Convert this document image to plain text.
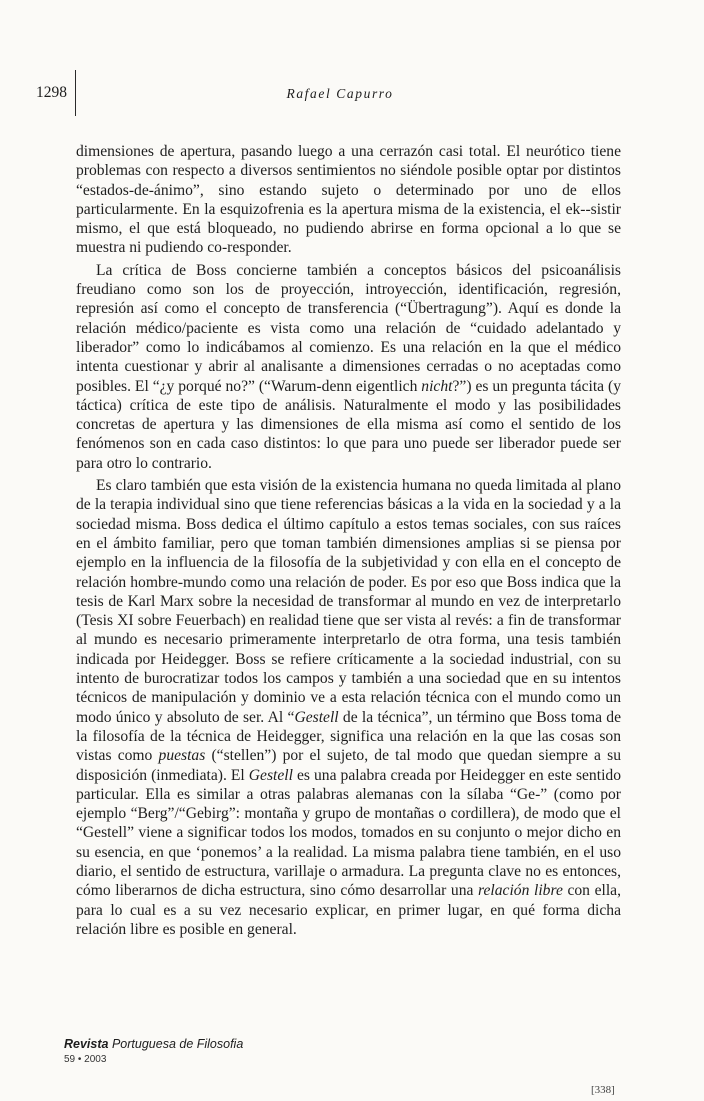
1298	Rafael Capurro

dimensiones de apertura, pasando luego a una cerrazón casi total. El neurótico tiene problemas con respecto a diversos sentimientos no siéndole posible optar por distintos “estados-de-ánimo”, sino estando sujeto o determinado por uno de ellos particularmente. En la esquizofrenia es la apertura misma de la existencia, el ek--sistir mismo, el que está bloqueado, no pudiendo abrirse en forma opcional a lo que se muestra ni pudiendo co-responder.

La crítica de Boss concierne también a conceptos básicos del psicoanálisis freudiano como son los de proyección, introyección, identificación, regresión, represión así como el concepto de transferencia (“Übertragung”). Aquí es donde la relación médico/paciente es vista como una relación de “cuidado adelantado y liberador” como lo indicábamos al comienzo. Es una relación en la que el médico intenta cuestionar y abrir al analisante a dimensiones cerradas o no aceptadas como posibles. El “¿y porqué no?” (“Warum-denn eigentlich nicht?”) es un pregunta tácita (y táctica) crítica de este tipo de análisis. Naturalmente el modo y las posibilidades concretas de apertura y las dimensiones de ella misma así como el sentido de los fenómenos son en cada caso distintos: lo que para uno puede ser liberador puede ser para otro lo contrario.

Es claro también que esta visión de la existencia humana no queda limitada al plano de la terapia individual sino que tiene referencias básicas a la vida en la sociedad y a la sociedad misma. Boss dedica el último capítulo a estos temas sociales, con sus raíces en el ámbito familiar, pero que toman también dimensiones amplias si se piensa por ejemplo en la influencia de la filosofía de la subjetividad y con ella en el concepto de relación hombre-mundo como una relación de poder. Es por eso que Boss indica que la tesis de Karl Marx sobre la necesidad de transformar al mundo en vez de interpretarlo (Tesis XI sobre Feuerbach) en realidad tiene que ser vista al revés: a fin de transformar al mundo es necesario primeramente interpretarlo de otra forma, una tesis también indicada por Heidegger. Boss se refiere críticamente a la sociedad industrial, con su intento de burocratizar todos los campos y también a una sociedad que en su intentos técnicos de manipulación y dominio ve a esta relación técnica con el mundo como un modo único y absoluto de ser. Al “Gestell de la técnica”, un término que Boss toma de la filosofía de la técnica de Heidegger, significa una relación en la que las cosas son vistas como puestas (“stellen”) por el sujeto, de tal modo que quedan siempre a su disposición (inmediata). El Gestell es una palabra creada por Heidegger en este sentido particular. Ella es similar a otras palabras alemanas con la sílaba “Ge-” (como por ejemplo “Berg”/“Gebirg”: montaña y grupo de montañas o cordillera), de modo que el “Gestell” viene a significar todos los modos, tomados en su conjunto o mejor dicho en su esencia, en que ‘ponemos’ a la realidad. La misma palabra tiene también, en el uso diario, el sentido de estructura, varillaje o armadura. La pregunta clave no es entonces, cómo liberarnos de dicha estructura, sino cómo desarrollar una relación libre con ella, para lo cual es a su vez necesario explicar, en primer lugar, en qué forma dicha relación libre es posible en general.

Revista Portuguesa de Filosofia
59 • 2003
[338]
